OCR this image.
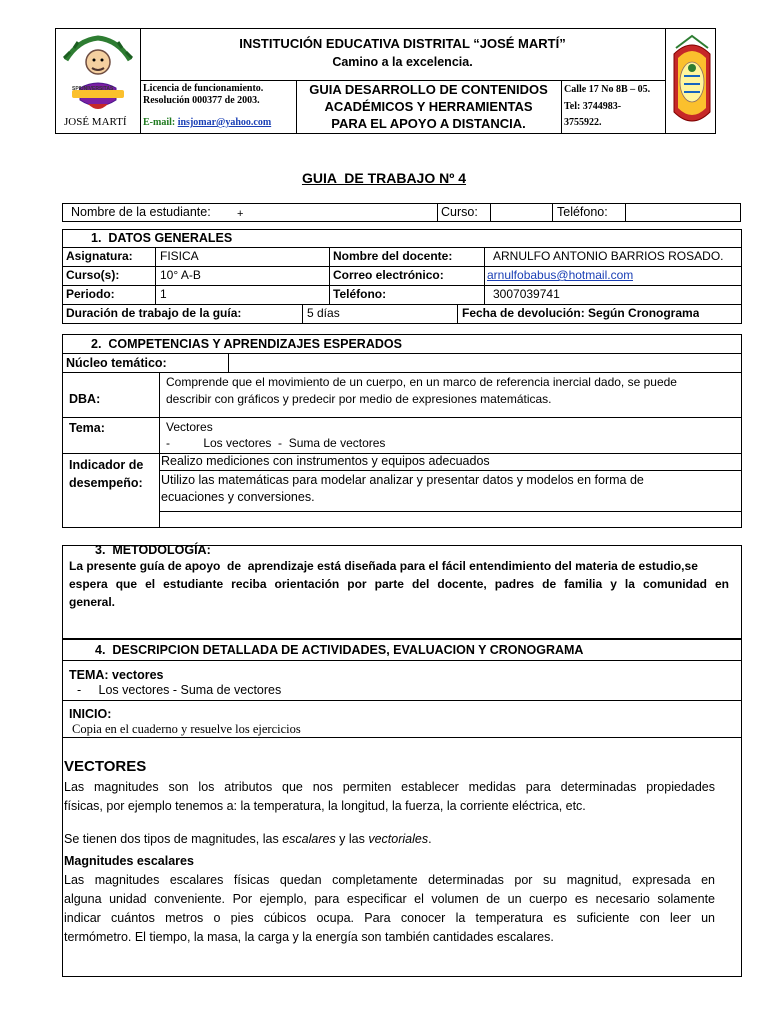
SPIUNIVERSITAS
JOSÉ MARTÍ
INSTITUCIÓN EDUCATIVA DISTRITAL “JOSÉ MARTÍ”
Camino a la excelencia.
Licencia de funcionamiento.
Resolución 000377 de 2003.
E-mail: insjomar@yahoo.com
GUIA DESARROLLO DE CONTENIDOS
ACADÉMICOS Y HERRAMIENTAS
PARA EL APOYO A DISTANCIA.
Calle 17 No 8B – 05.
Tel: 3744983-
3755922.
GUIA  DE TRABAJO Nº 4
Nombre de la estudiante: +	Curso:	Teléfono:
1.  DATOS GENERALES
Asignatura: FISICA	Nombre del docente:	ARNULFO ANTONIO BARRIOS ROSADO.
Curso(s):	10° A-B	Correo electrónico:	arnulfobabus@hotmail.com
Periodo:	1	Teléfono:	3007039741
Duración de trabajo de la guía:	5 días	Fecha de devolución: Según Cronograma
2.  COMPETENCIAS Y APRENDIZAJES ESPERADOS
Núcleo temático:
DBA:
Comprende que el movimiento de un cuerpo, en un marco de referencia inercial dado, se puede
describir con gráficos y predecir por medio de expresiones matemáticas.
Tema:	Vectores
-          Los vectores  -  Suma de vectores
Indicador de
desempeño:
Realizo mediciones con instrumentos y equipos adecuados
Utilizo las matemáticas para modelar analizar y presentar datos y modelos en forma de
ecuaciones y conversiones.
3.  METODOLOGÍA:
La presente guía de apoyo  de  aprendizaje está diseñada para el fácil entendimiento del materia de estudio,se
espera que el estudiante reciba orientación por parte del docente, padres de familia y la comunidad en
general.
4.  DESCRIPCION DETALLADA DE ACTIVIDADES, EVALUACION Y CRONOGRAMA
TEMA: vectores
-     Los vectores - Suma de vectores
INICIO:
Copia en el cuaderno y resuelve los ejercicios
VECTORES
Las magnitudes son los atributos que nos permiten establecer medidas para determinadas propiedades
físicas, por ejemplo tenemos a: la temperatura, la longitud, la fuerza, la corriente eléctrica, etc.

Se tienen dos tipos de magnitudes, las escalares y las vectoriales.

Magnitudes escalares
Las magnitudes escalares físicas quedan completamente determinadas por su magnitud, expresada en
alguna unidad conveniente. Por ejemplo, para especificar el volumen de un cuerpo es necesario solamente
indicar cuántos metros o pies cúbicos ocupa. Para conocer la temperatura es suficiente con leer un
termómetro. El tiempo, la masa, la carga y la energía son también cantidades escalares.
